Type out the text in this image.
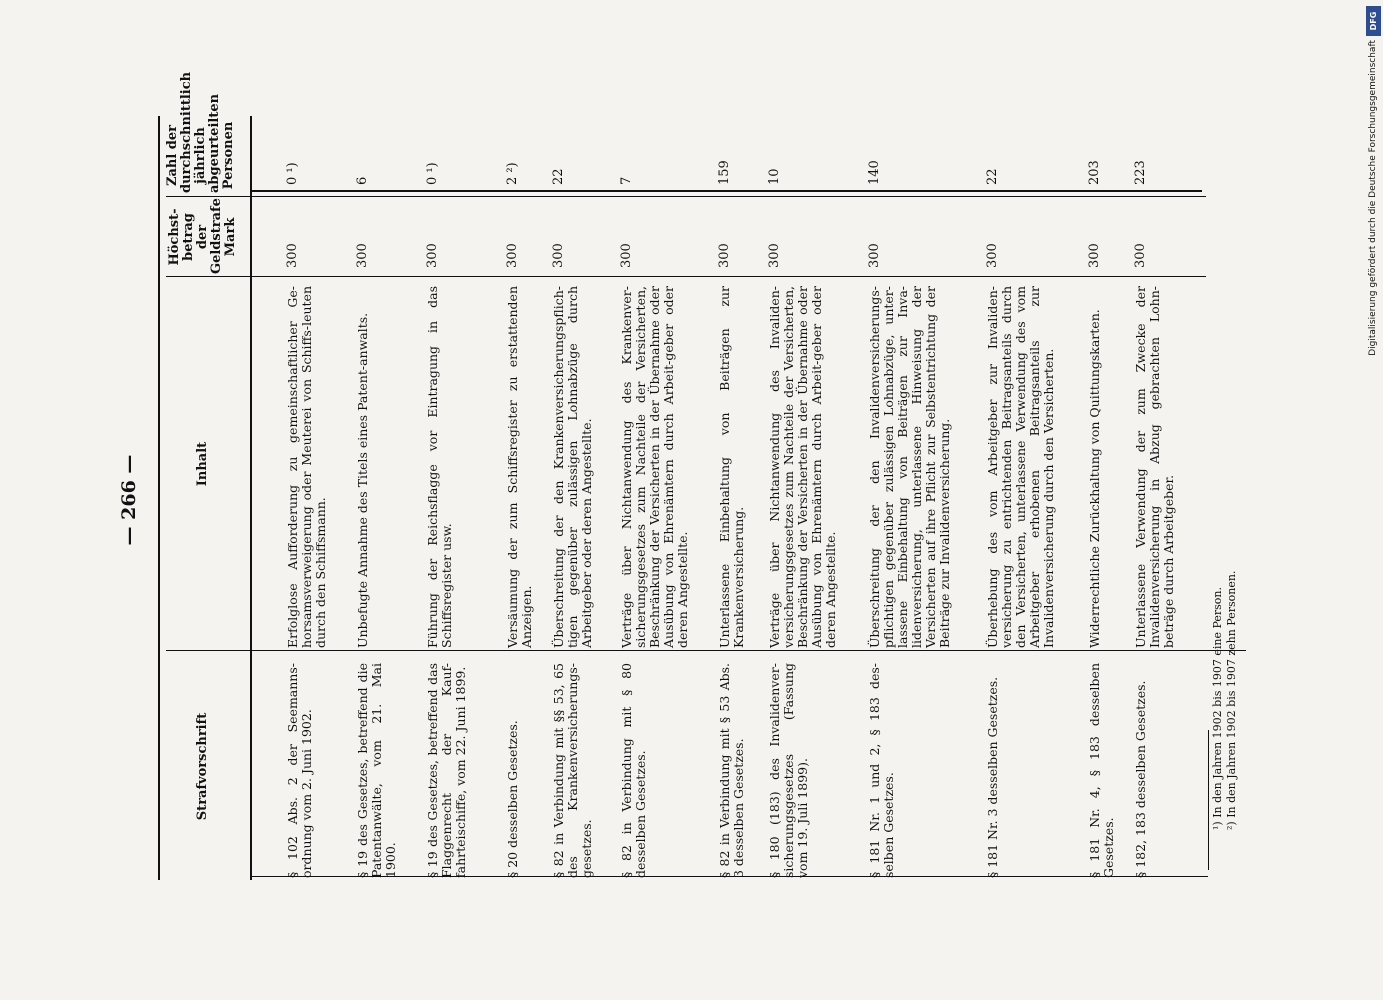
— 266 —
Strafvorschrift
Inhalt
Höchst-betrag der Geldstrafe Mark
Zahl der durchschnittlich jährlich abgeurteilten Personen
§ 102 Abs. 2 der Seemanns-ordnung vom 2. Juni 1902.
Erfolglose Aufforderung zu gemeinschaftlicher Ge-horsamsverweigerung oder Meuterei von Schiffs-leuten durch den Schiffsmann.
300
0 ¹)
§ 19 des Gesetzes, betreffend die Patentanwälte, vom 21. Mai 1900.
Unbefugte Annahme des Titels eines Patent-anwalts.
300
6
§ 19 des Gesetzes, betreffend das Flaggenrecht der Kauf-fahrteischiffe, vom 22. Juni 1899.
Führung der Reichsflagge vor Eintragung in das Schiffsregister usw.
300
0 ¹)
§ 20 desselben Gesetzes.
Versäumung der zum Schiffsregister zu erstattenden Anzeigen.
300
2 ²)
§ 82 in Verbindung mit §§ 53, 65 des Krankenversicherungs-gesetzes.
Überschreitung der den Krankenversicherungspflich-tigen gegenüber zulässigen Lohnabzüge durch Arbeitgeber oder deren Angestellte.
300
22
§ 82 in Verbindung mit § 80 desselben Gesetzes.
Verträge über Nichtanwendung des Krankenver-sicherungsgesetzes zum Nachteile der Versicherten, Beschränkung der Versicherten in der Übernahme oder Ausübung von Ehrenämtern durch Arbeit-geber oder deren Angestellte.
300
7
§ 82 in Verbindung mit § 53 Abs. 3 desselben Gesetzes.
Unterlassene Einbehaltung von Beiträgen zur Krankenversicherung.
300
159
§ 180 (183) des Invalidenver-sicherungsgesetzes (Fassung vom 19. Juli 1899).
Verträge über Nichtanwendung des Invaliden-versicherungsgesetzes zum Nachteile der Versicherten, Beschränkung der Versicherten in der Übernahme oder Ausübung von Ehrenämtern durch Arbeit-geber oder deren Angestellte.
300
10
§ 181 Nr. 1 und 2, § 183 des-selben Gesetzes.
Überschreitung der den Invalidenversicherungs-pflichtigen gegenüber zulässigen Lohnabzüge, unter-lassene Einbehaltung von Beiträgen zur Inva-lidenversicherung, unterlassene Hinweisung der Versicherten auf ihre Pflicht zur Selbstentrichtung der Beiträge zur Invalidenversicherung.
300
140
§ 181 Nr. 3 desselben Gesetzes.
Überhebung des vom Arbeitgeber zur Invaliden-versicherung zu entrichtenden Beitragsanteils durch den Versicherten, unterlassene Verwendung des vom Arbeitgeber erhobenen Beitragsanteils zur Invalidenversicherung durch den Versicherten.
300
22
§ 181 Nr. 4, § 183 desselben Gesetzes.
Widerrechtliche Zurückhaltung von Quittungskarten.
300
203
§ 182, 183 desselben Gesetzes.
Unterlassene Verwendung der zum Zwecke der Invalidenversicherung in Abzug gebrachten Lohn-beträge durch Arbeitgeber.
300
223
¹) In den Jahren 1902 bis 1907 eine Person. ²) In den Jahren 1902 bis 1907 zehn Personen.
DFG
Digitalisierung gefördert durch die Deutsche Forschungsgemeinschaft
